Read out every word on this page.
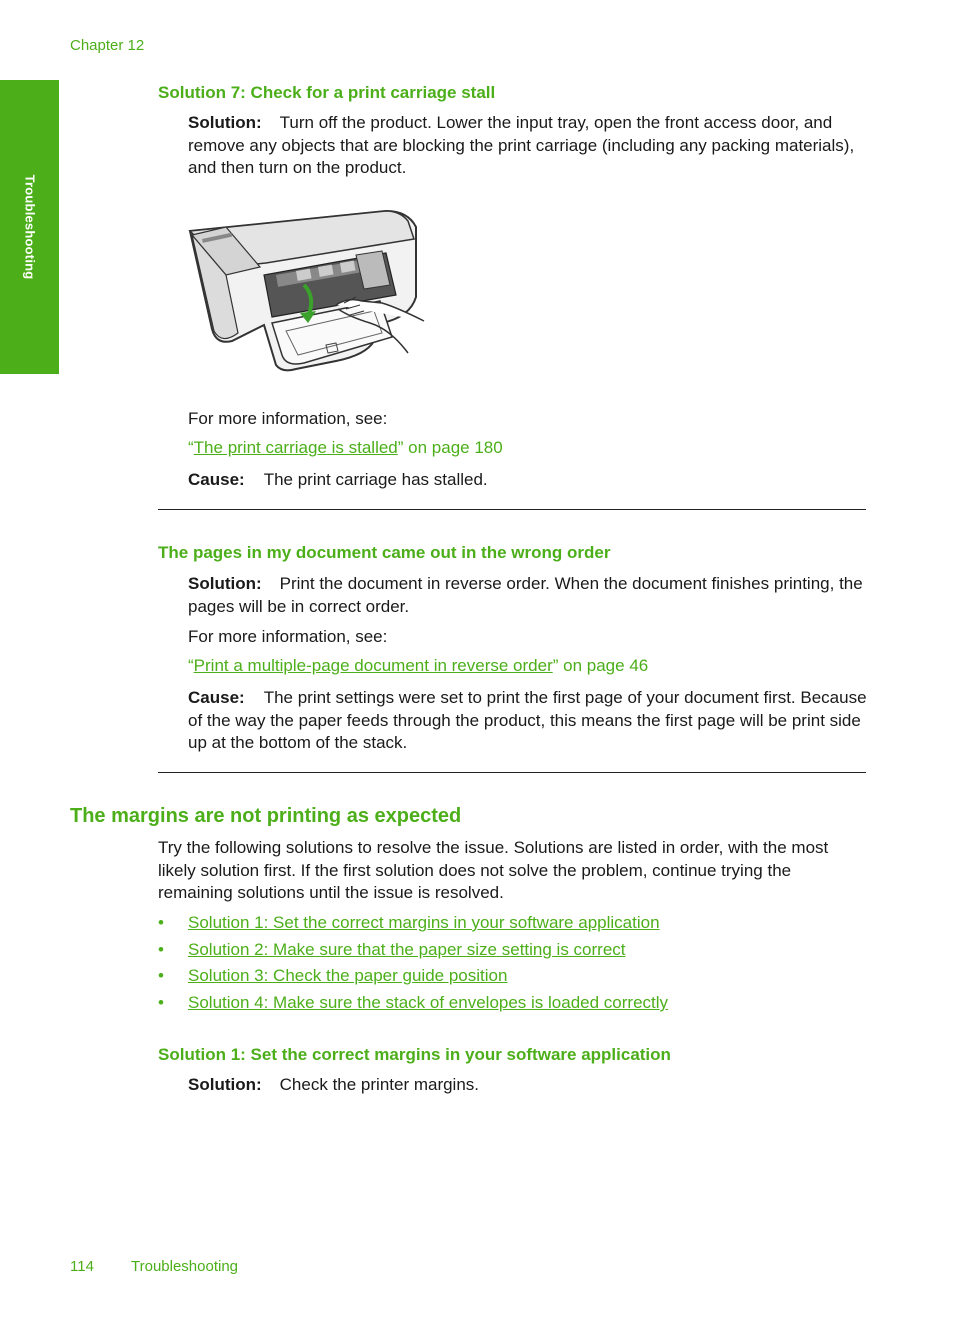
Chapter 12
Troubleshooting
Solution 7: Check for a print carriage stall
Solution: Turn off the product. Lower the input tray, open the front access door, and remove any objects that are blocking the print carriage (including any packing materials), and then turn on the product.
For more information, see:
“The print carriage is stalled” on page 180
Cause: The print carriage has stalled.
The pages in my document came out in the wrong order
Solution: Print the document in reverse order. When the document finishes printing, the pages will be in correct order.
For more information, see:
“Print a multiple-page document in reverse order” on page 46
Cause: The print settings were set to print the first page of your document first. Because of the way the paper feeds through the product, this means the first page will be print side up at the bottom of the stack.
The margins are not printing as expected
Try the following solutions to resolve the issue. Solutions are listed in order, with the most likely solution first. If the first solution does not solve the problem, continue trying the remaining solutions until the issue is resolved.
• Solution 1: Set the correct margins in your software application
• Solution 2: Make sure that the paper size setting is correct
• Solution 3: Check the paper guide position
• Solution 4: Make sure the stack of envelopes is loaded correctly
Solution 1: Set the correct margins in your software application
Solution: Check the printer margins.
114 Troubleshooting
